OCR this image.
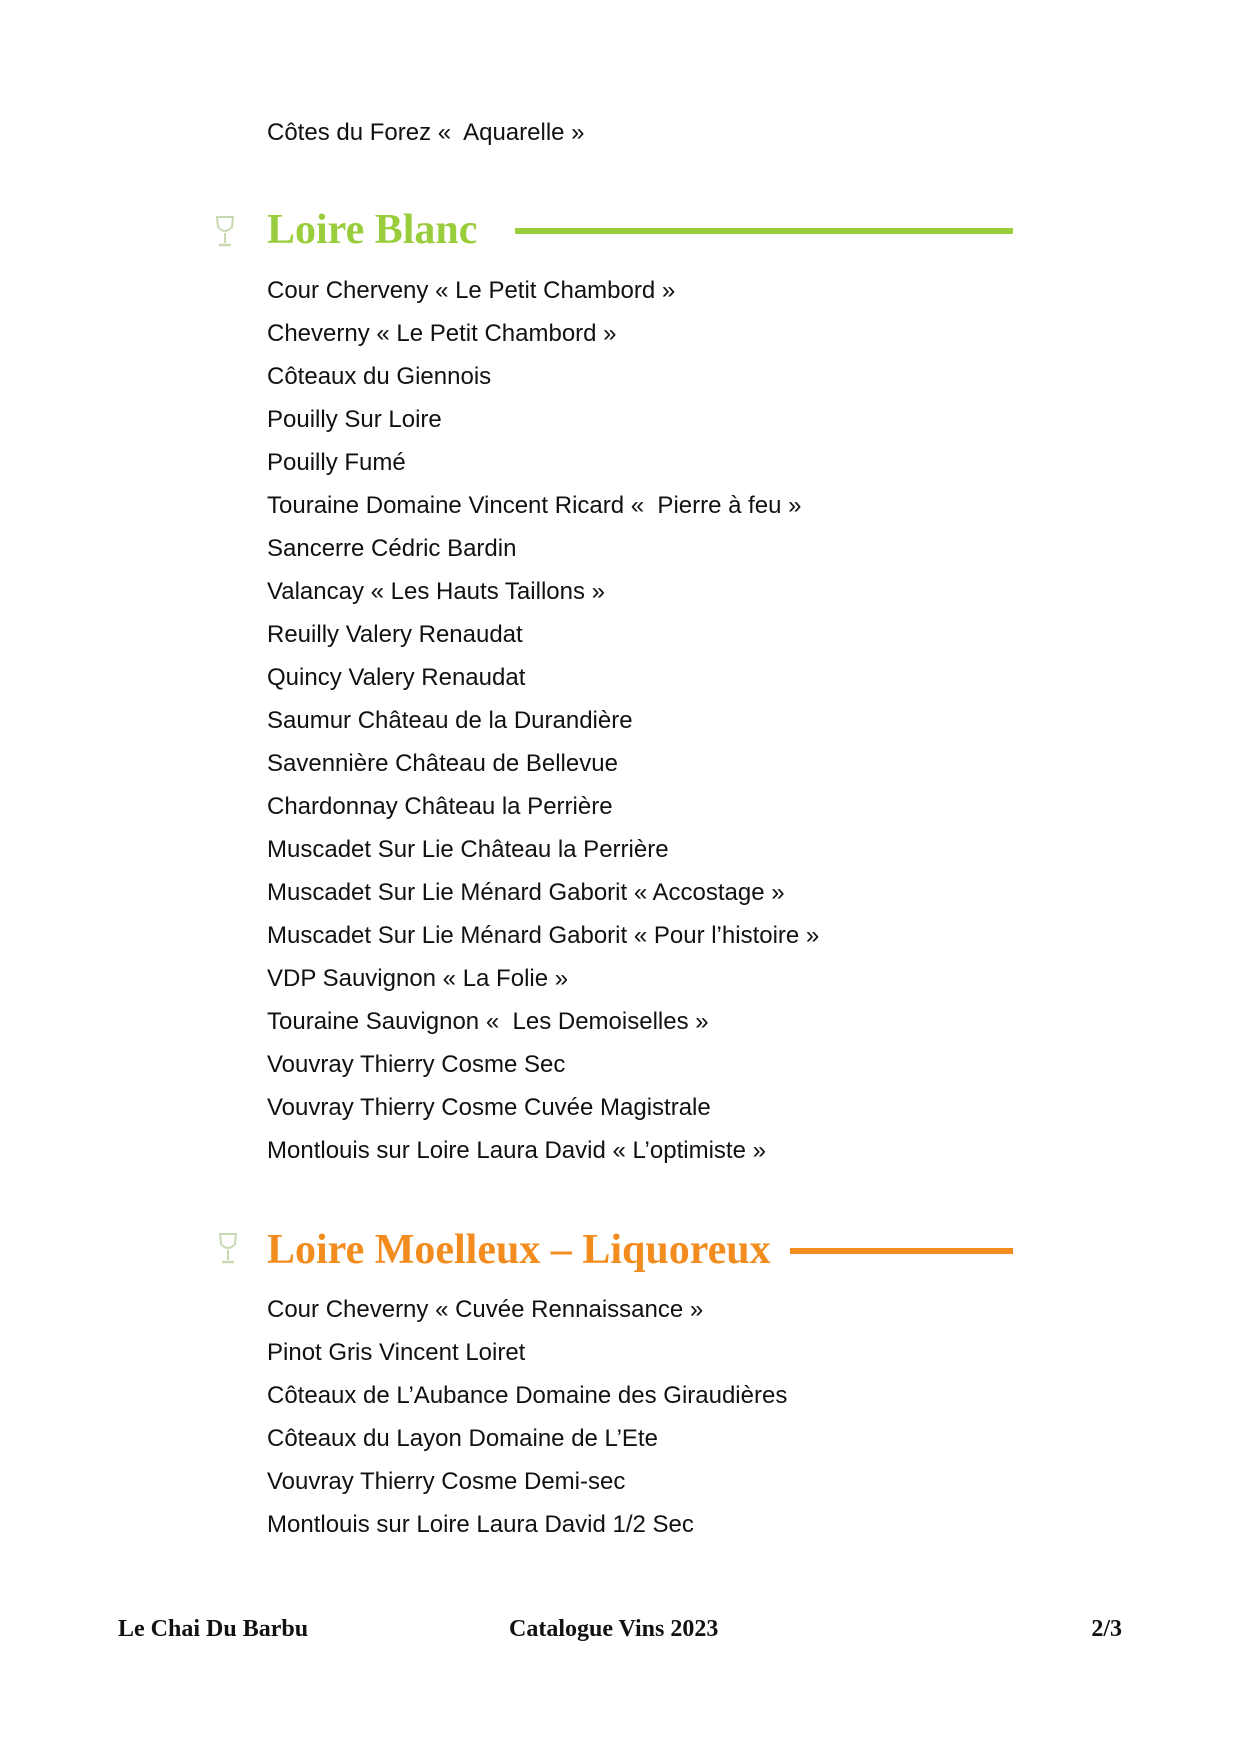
Côtes du Forez «  Aquarelle »
Loire Blanc
Cour Cherveny « Le Petit Chambord »
Cheverny « Le Petit Chambord »
Côteaux du Giennois
Pouilly Sur Loire
Pouilly Fumé
Touraine Domaine Vincent Ricard «  Pierre à feu »
Sancerre Cédric Bardin
Valancay « Les Hauts Taillons »
Reuilly Valery Renaudat
Quincy Valery Renaudat
Saumur Château de la Durandière
Savennière Château de Bellevue
Chardonnay Château la Perrière
Muscadet Sur Lie Château la Perrière
Muscadet Sur Lie Ménard Gaborit « Accostage »
Muscadet Sur Lie Ménard Gaborit « Pour l’histoire »
VDP Sauvignon « La Folie »
Touraine Sauvignon «  Les Demoiselles »
Vouvray Thierry Cosme Sec
Vouvray Thierry Cosme Cuvée Magistrale
Montlouis sur Loire Laura David « L’optimiste »
Loire Moelleux – Liquoreux
Cour Cheverny « Cuvée Rennaissance »
Pinot Gris Vincent Loiret
Côteaux de L’Aubance Domaine des Giraudières
Côteaux du Layon Domaine de L’Ete
Vouvray Thierry Cosme Demi-sec
Montlouis sur Loire Laura David 1/2 Sec
Le Chai Du Barbu	Catalogue Vins 2023	2/3
